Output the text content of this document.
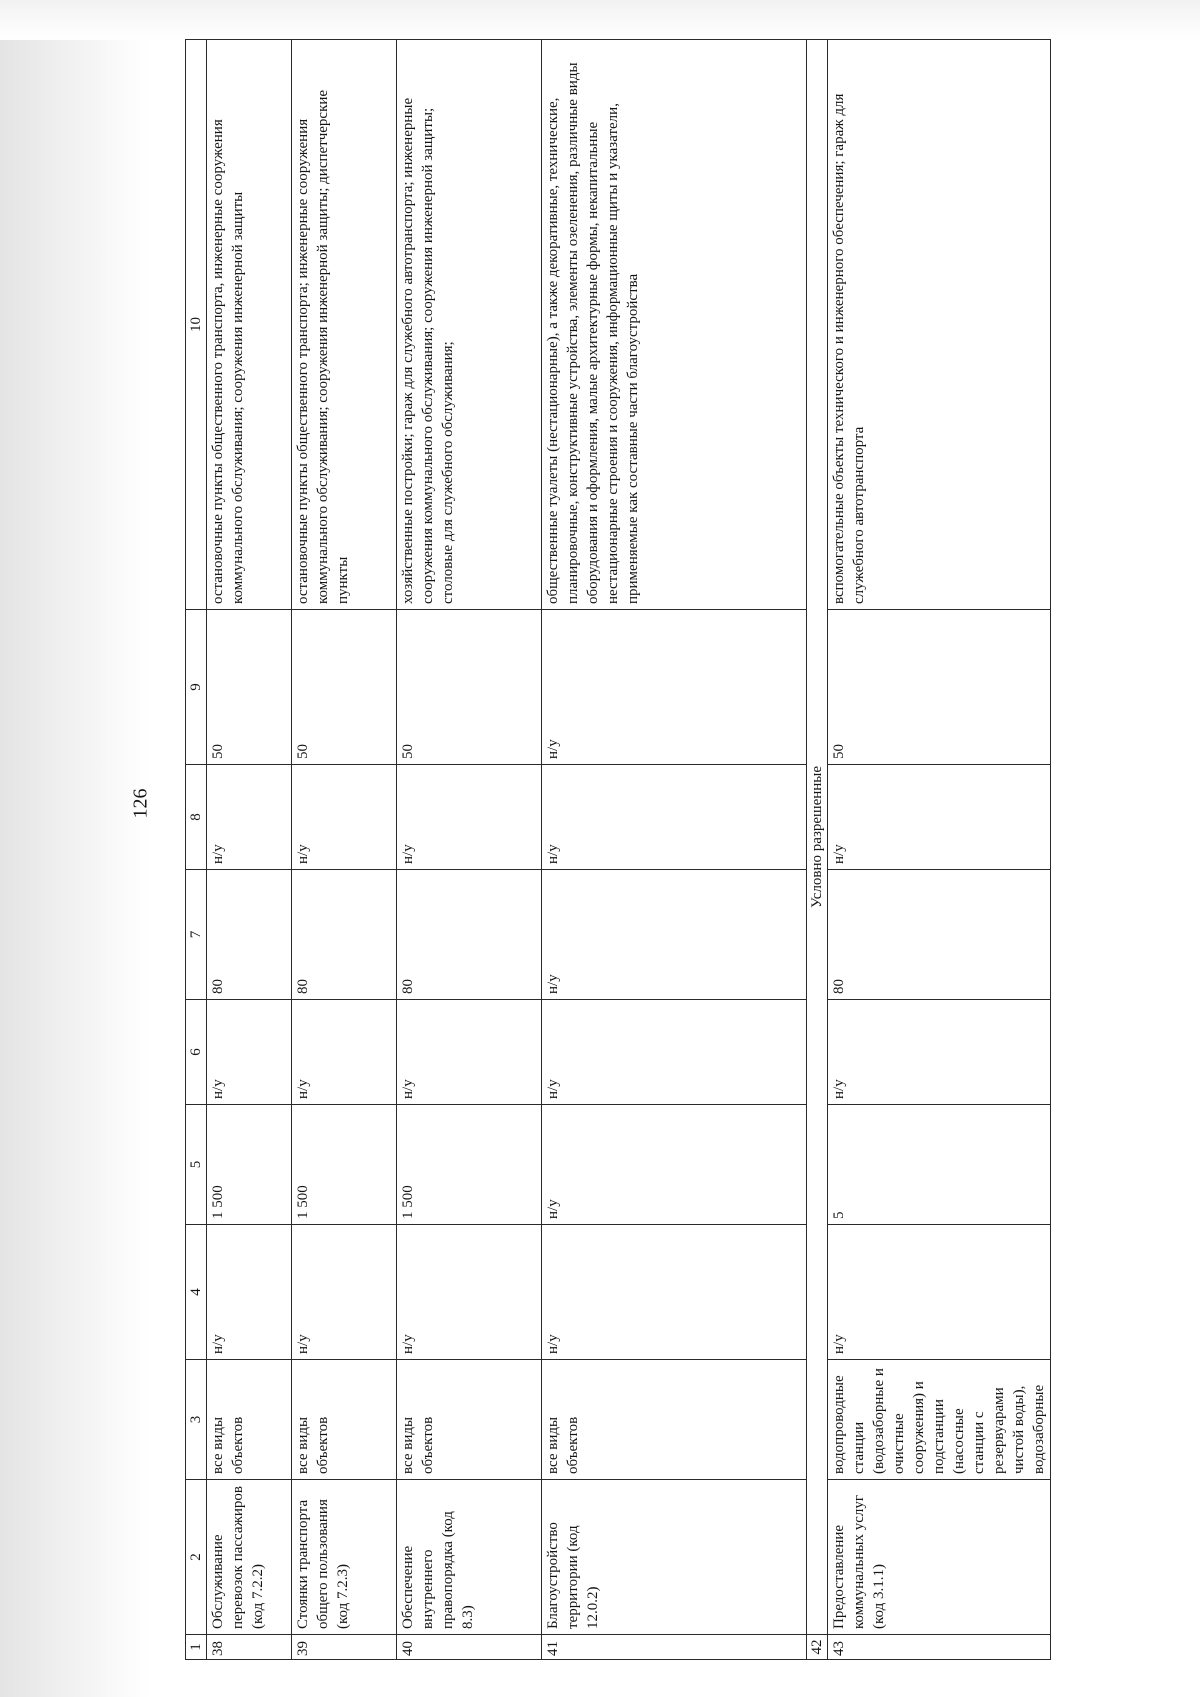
126
1	2	3	4	5	6	7	8	9	10
38	Обслуживание перевозок пассажиров (код 7.2.2)	все виды объектов	н/у	1 500	н/у	80	н/у	50	остановочные пункты общественного транспорта, инженерные сооружения коммунального обслуживания; сооружения инженерной защиты
39	Стоянки транспорта общего пользования (код 7.2.3)	все виды объектов	н/у	1 500	н/у	80	н/у	50	остановочные пункты общественного транспорта; инженерные сооружения коммунального обслуживания; сооружения инженерной защиты; диспетчерские пункты
40	Обеспечение внутреннего правопорядка (код 8.3)	все виды объектов	н/у	1 500	н/у	80	н/у	50	хозяйственные постройки; гараж для служебного автотранспорта; инженерные сооружения коммунального обслуживания; сооружения инженерной защиты; столовые для служебного обслуживания;
41	Благоустройство территории (код 12.0.2)	все виды объектов	н/у	н/у	н/у	н/у	н/у	н/у	общественные туалеты (нестационарные), а также декоративные, технические, планировочные, конструктивные устройства, элементы озеленения, различные виды оборудования и оформления, малые архитектурные формы, некапитальные нестационарные строения и сооружения, информационные щиты и указатели, применяемые как составные части благоустройства
42	Условно разрешенные								
43	Предоставление коммунальных услуг (код 3.1.1)	водопроводные станции (водозаборные и очистные сооружения) и подстанции (насосные станции с резервуарами чистой воды), водозаборные	н/у	5	н/у	80	н/у	50	вспомогательные объекты технического и инженерного обеспечения; гараж для служебного автотранспорта
